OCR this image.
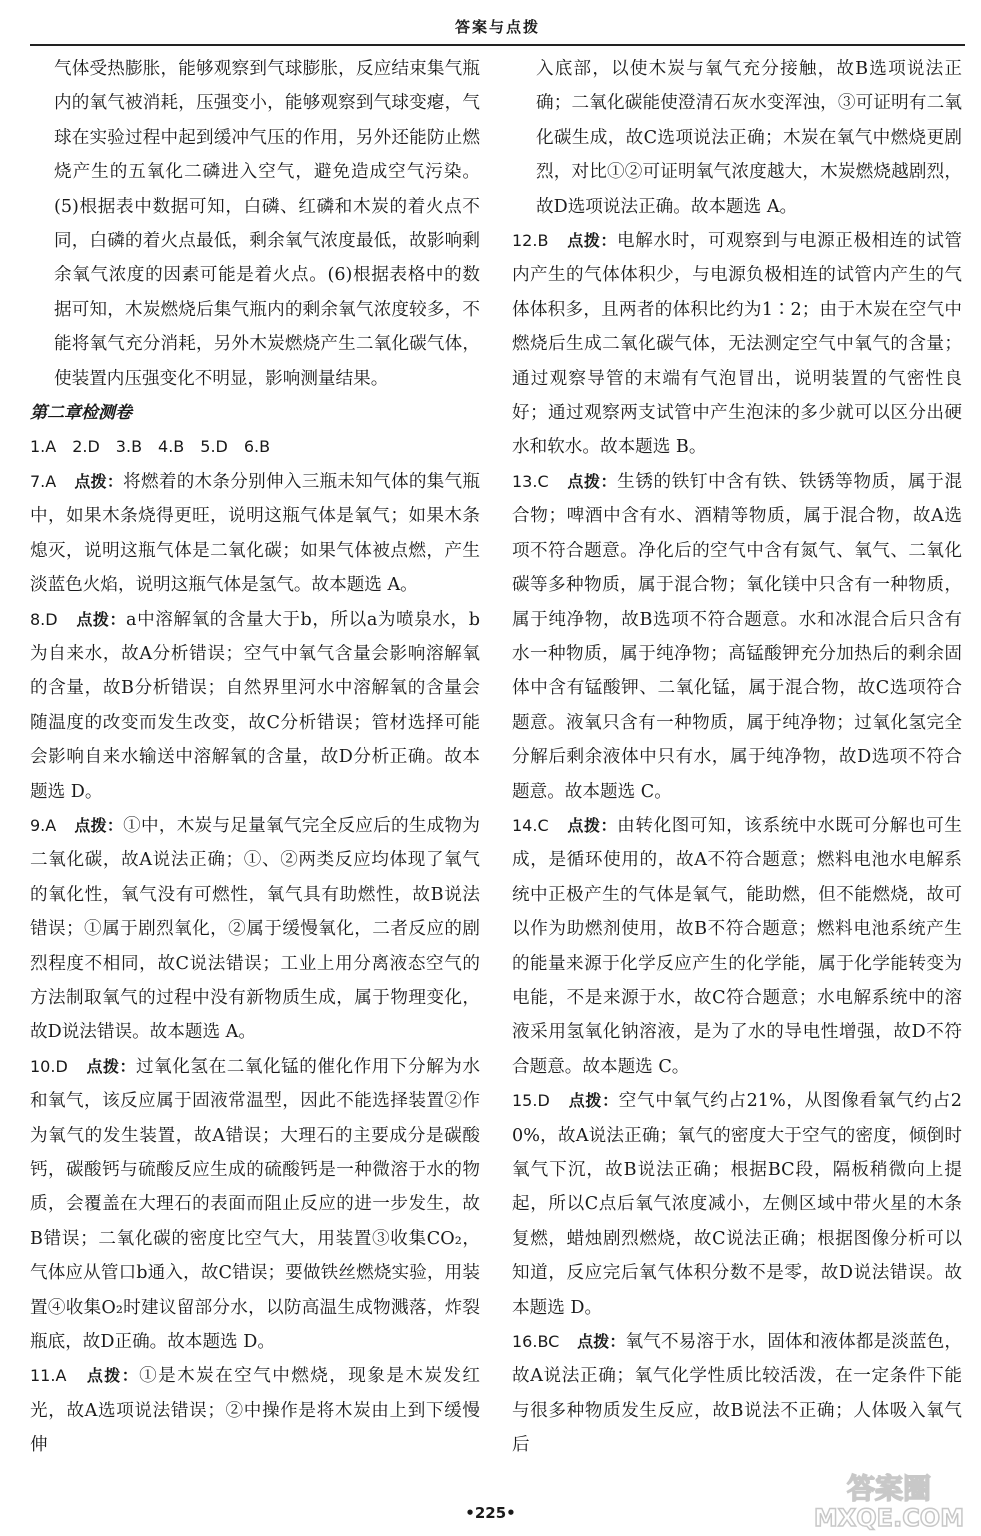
答案与点拨

气体受热膨胀，能够观察到气球膨胀，反应结束集气瓶内的氧气被消耗，压强变小，能够观察到气球变瘪，气球在实验过程中起到缓冲气压的作用，另外还能防止燃烧产生的五氧化二磷进入空气，避免造成空气污染。(5)根据表中数据可知，白磷、红磷和木炭的着火点不同，白磷的着火点最低，剩余氧气浓度最低，故影响剩余氧气浓度的因素可能是着火点。(6)根据表格中的数据可知，木炭燃烧后集气瓶内的剩余氧气浓度较多，不能将氧气充分消耗，另外木炭燃烧产生二氧化碳气体，使装置内压强变化不明显，影响测量结果。

第二章检测卷

1.A　2.D　3.B　4.B　5.D　6.B

7.A　 点拨：将燃着的木条分别伸入三瓶未知气体的集气瓶中，如果木条烧得更旺，说明这瓶气体是氧气；如果木条熄灭，说明这瓶气体是二氧化碳；如果气体被点燃，产生淡蓝色火焰，说明这瓶气体是氢气。故本题选 A。

8.D　 点拨：a中溶解氧的含量大于b，所以a为喷泉水，b为自来水，故A分析错误；空气中氧气含量会影响溶解氧的含量，故B分析错误；自然界里河水中溶解氧的含量会随温度的改变而发生改变，故C分析错误；管材选择可能会影响自来水输送中溶解氧的含量，故D分析正确。故本题选 D。

9.A　 点拨：①中，木炭与足量氧气完全反应后的生成物为二氧化碳，故A说法正确；①、②两类反应均体现了氧气的氧化性，氧气没有可燃性，氧气具有助燃性，故B说法错误；①属于剧烈氧化，②属于缓慢氧化，二者反应的剧烈程度不相同，故C说法错误；工业上用分离液态空气的方法制取氧气的过程中没有新物质生成，属于物理变化，故D说法错误。故本题选 A。

10.D　 点拨：过氧化氢在二氧化锰的催化作用下分解为水和氧气，该反应属于固液常温型，因此不能选择装置②作为氧气的发生装置，故A错误；大理石的主要成分是碳酸钙，碳酸钙与硫酸反应生成的硫酸钙是一种微溶于水的物质，会覆盖在大理石的表面而阻止反应的进一步发生，故B错误；二氧化碳的密度比空气大，用装置③收集CO₂，气体应从管口b通入，故C错误；要做铁丝燃烧实验，用装置④收集O₂时建议留部分水，以防高温生成物溅落，炸裂瓶底，故D正确。故本题选 D。

11.A　 点拨：①是木炭在空气中燃烧，现象是木炭发红光，故A选项说法错误；②中操作是将木炭由上到下缓慢伸

入底部，以使木炭与氧气充分接触，故B选项说法正确；二氧化碳能使澄清石灰水变浑浊，③可证明有二氧化碳生成，故C选项说法正确；木炭在氧气中燃烧更剧烈，对比①②可证明氧气浓度越大，木炭燃烧越剧烈，故D选项说法正确。故本题选 A。

12.B　 点拨：电解水时，可观察到与电源正极相连的试管内产生的气体体积少，与电源负极相连的试管内产生的气体体积多，且两者的体积比约为1∶2；由于木炭在空气中燃烧后生成二氧化碳气体，无法测定空气中氧气的含量；通过观察导管的末端有气泡冒出，说明装置的气密性良好；通过观察两支试管中产生泡沫的多少就可以区分出硬水和软水。故本题选 B。

13.C　 点拨：生锈的铁钉中含有铁、铁锈等物质，属于混合物；啤酒中含有水、酒精等物质，属于混合物，故A选项不符合题意。净化后的空气中含有氮气、氧气、二氧化碳等多种物质，属于混合物；氧化镁中只含有一种物质，属于纯净物，故B选项不符合题意。水和冰混合后只含有水一种物质，属于纯净物；高锰酸钾充分加热后的剩余固体中含有锰酸钾、二氧化锰，属于混合物，故C选项符合题意。液氧只含有一种物质，属于纯净物；过氧化氢完全分解后剩余液体中只有水，属于纯净物，故D选项不符合题意。故本题选 C。

14.C　 点拨：由转化图可知，该系统中水既可分解也可生成，是循环使用的，故A不符合题意；燃料电池水电解系统中正极产生的气体是氧气，能助燃，但不能燃烧，故可以作为助燃剂使用，故B不符合题意；燃料电池系统产生的能量来源于化学反应产生的化学能，属于化学能转变为电能，不是来源于水，故C符合题意；水电解系统中的溶液采用氢氧化钠溶液，是为了水的导电性增强，故D不符合题意。故本题选 C。

15.D　 点拨：空气中氧气约占21%，从图像看氧气约占20%，故A说法正确；氧气的密度大于空气的密度，倾倒时氧气下沉，故B说法正确；根据BC段，隔板稍微向上提起，所以C点后氧气浓度减小，左侧区域中带火星的木条复燃，蜡烛剧烈燃烧，故C说法正确；根据图像分析可以知道，反应完后氧气体积分数不是零，故D说法错误。故本题选 D。

16.BC　 点拨：氧气不易溶于水，固体和液体都是淡蓝色，故A说法正确；氧气化学性质比较活泼，在一定条件下能与很多种物质发生反应，故B说法不正确；人体吸入氧气后

•225•
答案圈
MXQE.COM
